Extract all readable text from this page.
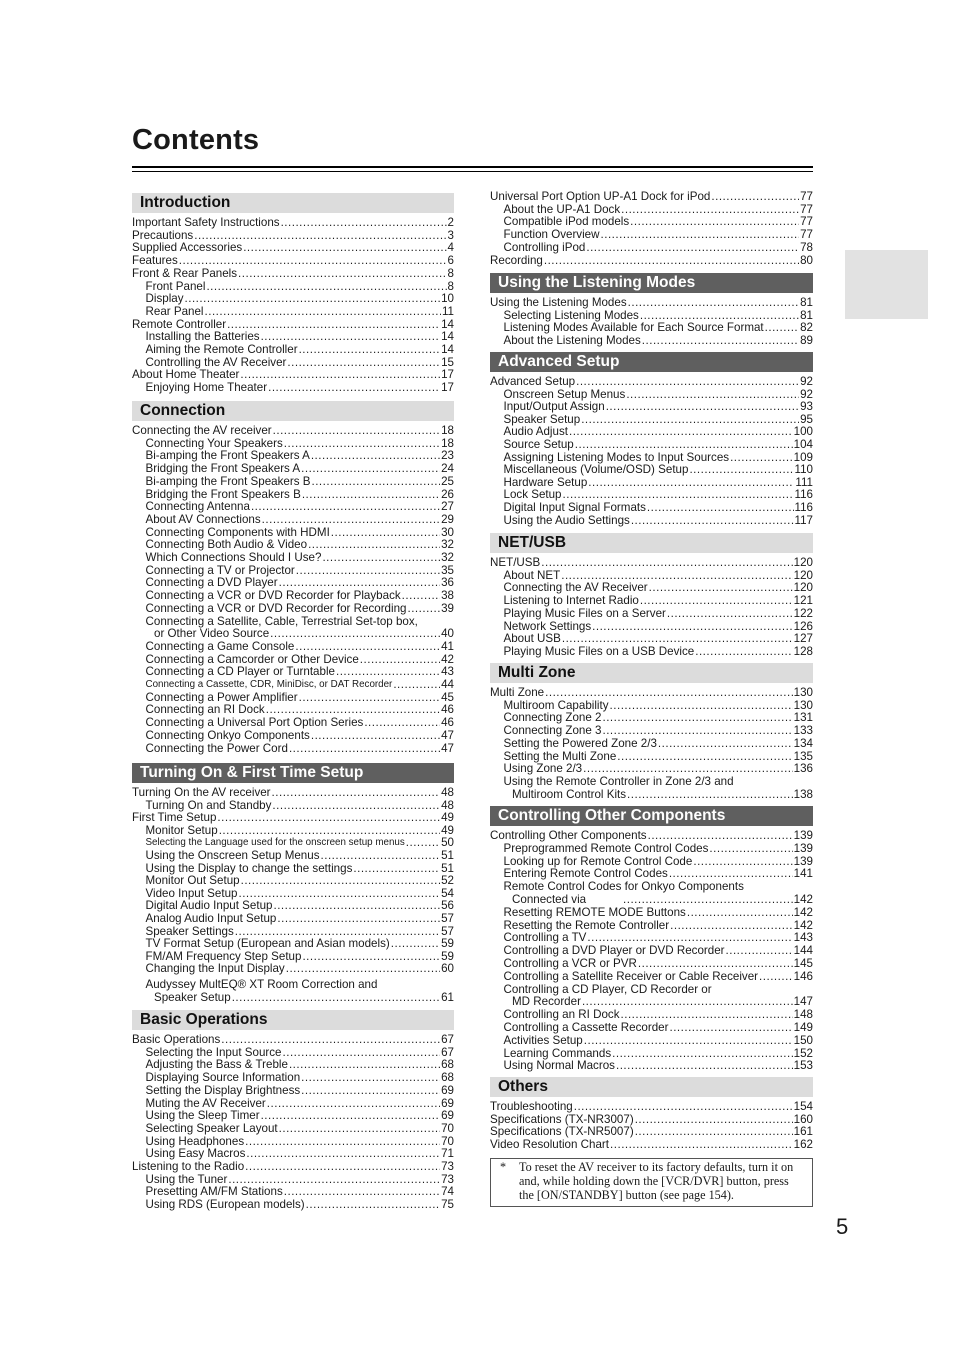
Contents
Introduction
Important Safety Instructions .....	2
Precautions .....	3
Supplied Accessories .....	4
Features .....	6
Front & Rear Panels .....	8
Front Panel .....	8
Display .....	10
Rear Panel .....	11
Remote Controller .....	14
Installing the Batteries .....	14
Aiming the Remote Controller .....	14
Controlling the AV Receiver .....	15
About Home Theater .....	17
Enjoying Home Theater .....	17
Connection
Connecting the AV receiver .....	18
Connecting Your Speakers .....	18
Bi-amping the Front Speakers A .....	23
Bridging the Front Speakers A .....	24
Bi-amping the Front Speakers B .....	25
Bridging the Front Speakers B .....	26
Connecting Antenna .....	27
About AV Connections .....	29
Connecting Components with HDMI .....	30
Connecting Both Audio & Video .....	32
Which Connections Should I Use? .....	32
Connecting a TV or Projector .....	35
Connecting a DVD Player .....	36
Connecting a VCR or DVD Recorder for Playback .....	38
Connecting a VCR or DVD Recorder for Recording .....	39
Connecting a Satellite, Cable, Terrestrial Set-top box,
or Other Video Source .....	40
Connecting a Game Console .....	41
Connecting a Camcorder or Other Device .....	42
Connecting a CD Player or Turntable .....	43
Connecting a Cassette, CDR, MiniDisc, or DAT Recorder .....	44
Connecting a Power Amplifier .....	45
Connecting an RI Dock .....	46
Connecting a Universal Port Option Series .....	46
Connecting Onkyo Components .....	47
Connecting the Power Cord .....	47
Turning On & First Time Setup
Turning On the AV receiver .....	48
Turning On and Standby .....	48
First Time Setup .....	49
Monitor Setup .....	49
Selecting the Language used for the onscreen setup menus .....	50
Using the Onscreen Setup Menus .....	51
Using the Display to change the settings .....	51
Monitor Out Setup .....	52
Video Input Setup .....	54
Digital Audio Input Setup .....	56
Analog Audio Input Setup .....	57
Speaker Settings .....	57
TV Format Setup (European and Asian models) .....	59
FM/AM Frequency Step Setup .....	59
Changing the Input Display .....	60
Audyssey MultEQ® XT Room Correction and
Speaker Setup .....	61
Basic Operations
Basic Operations .....	67
Selecting the Input Source .....	67
Adjusting the Bass & Treble .....	68
Displaying Source Information .....	68
Setting the Display Brightness .....	69
Muting the AV Receiver .....	69
Using the Sleep Timer .....	69
Selecting Speaker Layout .....	70
Using Headphones .....	70
Using Easy Macros .....	71
Listening to the Radio .....	73
Using the Tuner .....	73
Presetting AM/FM Stations .....	74
Using RDS (European models) .....	75
Universal Port Option UP-A1 Dock for iPod .....	77
About the UP-A1 Dock .....	77
Compatible iPod models .....	77
Function Overview .....	77
Controlling iPod .....	78
Recording .....	80
Using the Listening Modes
Using the Listening Modes .....	81
Selecting Listening Modes .....	81
Listening Modes Available for Each Source Format .....	82
About the Listening Modes .....	89
Advanced Setup
Advanced Setup .....	92
Onscreen Setup Menus .....	92
Input/Output Assign .....	93
Speaker Setup .....	95
Audio Adjust .....	100
Source Setup .....	104
Assigning Listening Modes to Input Sources .....	109
Miscellaneous (Volume/OSD) Setup .....	110
Hardware Setup .....	111
Lock Setup .....	116
Digital Input Signal Formats .....	116
Using the Audio Settings .....	117
NET/USB
NET/USB .....	120
About NET .....	120
Connecting the AV Receiver .....	120
Listening to Internet Radio .....	121
Playing Music Files on a Server .....	122
Network Settings .....	126
About USB .....	127
Playing Music Files on a USB Device .....	128
Multi Zone
Multi Zone .....	130
Multiroom Capability .....	130
Connecting Zone 2 .....	131
Connecting Zone 3 .....	133
Setting the Powered Zone 2/3 .....	134
Setting the Multi Zone .....	135
Using Zone 2/3 .....	136
Using the Remote Controller in Zone 2/3 and
Multiroom Control Kits .....	138
Controlling Other Components
Controlling Other Components .....	139
Preprogrammed Remote Control Codes .....	139
Looking up for Remote Control Code .....	139
Entering Remote Control Codes .....	141
Remote Control Codes for Onkyo Components
Connected via .....	142
Resetting REMOTE MODE Buttons .....	142
Resetting the Remote Controller .....	142
Controlling a TV .....	143
Controlling a DVD Player or DVD Recorder .....	144
Controlling a VCR or PVR .....	145
Controlling a Satellite Receiver or Cable Receiver .....	146
Controlling a CD Player, CD Recorder or
MD Recorder .....	147
Controlling an RI Dock .....	148
Controlling a Cassette Recorder .....	149
Activities Setup .....	150
Learning Commands .....	152
Using Normal Macros .....	153
Others
Troubleshooting .....	154
Specifications (TX-NR3007) .....	160
Specifications (TX-NR5007) .....	161
Video Resolution Chart .....	162
* To reset the AV receiver to its factory defaults, turn it on and, while holding down the [VCR/DVR] button, press the [ON/STANDBY] button (see page 154).
5
